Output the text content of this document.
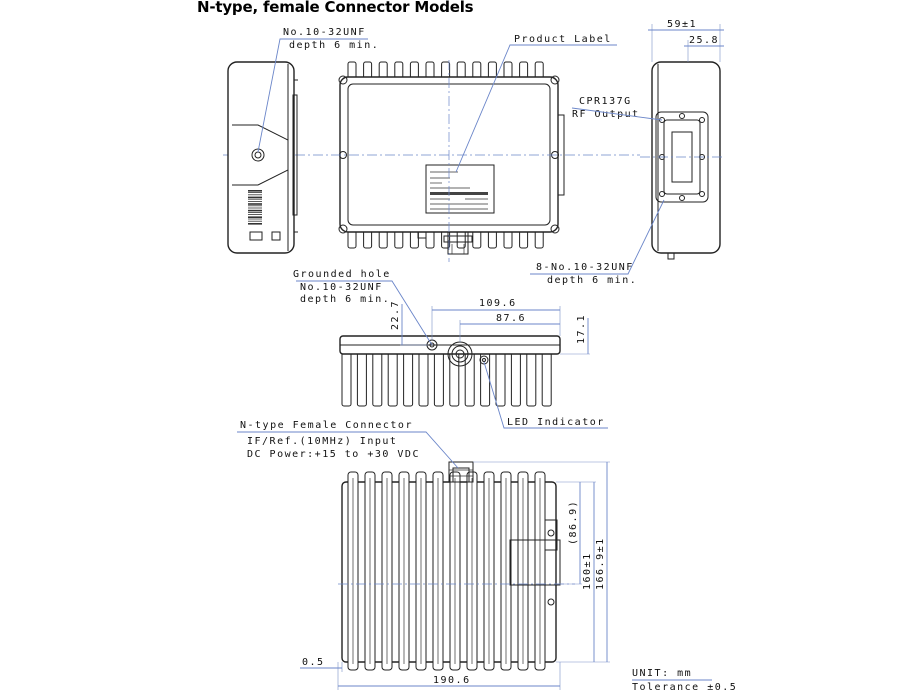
N-type, female Connector Models
No.10-32UNF
depth 6 min.
Product Label
59±1
25.8
CPR137G
RF Output
8-No.10-32UNF
depth 6 min.
Grounded hole
No.10-32UNF
depth 6 min.	109.6
87.6
22.7	17.1
LED Indicator
N-type Female Connector
IF/Ref.(10MHz) Input
DC Power:+15 to +30 VDC
(86.9)
160±1 166.9±1
0.5
190.6
UNIT: mm
Tolerance ±0.5
